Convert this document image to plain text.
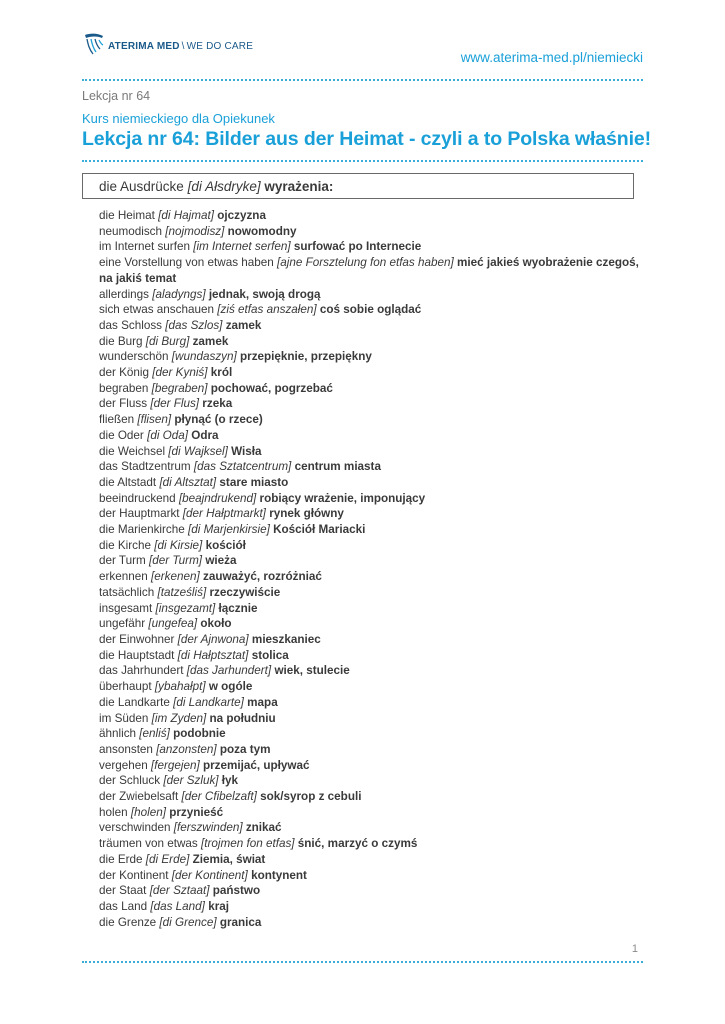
ATERIMA MED \ WE DO CARE
www.aterima-med.pl/niemiecki
Lekcja nr 64
Kurs niemieckiego dla Opiekunek
Lekcja nr 64: Bilder aus der Heimat - czyli a to Polska właśnie!
die Ausdrücke [di Ałsdryke] wyrażenia:
die Heimat [di Hajmat] ojczyzna
neumodisch [nojmodisz] nowomodny
im Internet surfen [im Internet serfen] surfować po Internecie
eine Vorstellung von etwas haben [ajne Forsztelung fon etfas haben] mieć jakieś wyobrażenie czegoś, na jakiś temat
allerdings [aladyngs] jednak, swoją drogą
sich etwas anschauen [ziś etfas anszałen] coś sobie oglądać
das Schloss [das Szlos] zamek
die Burg [di Burg] zamek
wunderschön [wundaszyn] przepięknie, przepiękny
der König [der Kyniś] król
begraben [begraben] pochować, pogrzebać
der Fluss [der Flus] rzeka
fließen [flisen] płynąć (o rzece)
die Oder [di Oda] Odra
die Weichsel [di Wajksel] Wisła
das Stadtzentrum [das Sztatcentrum] centrum miasta
die Altstadt [di Altsztat] stare miasto
beeindruckend [beajndrukend] robiący wrażenie, imponujący
der Hauptmarkt [der Hałptmarkt] rynek główny
die Marienkirche [di Marjenkirsie] Kościół Mariacki
die Kirche [di Kirsie] kościół
der Turm [der Turm] wieża
erkennen [erkenen] zauważyć, rozróżniać
tatsächlich [tatześliś] rzeczywiście
insgesamt [insgezamt] łącznie
ungefähr [ungefea] około
der Einwohner [der Ajnwona] mieszkaniec
die Hauptstadt [di Hałptsztat] stolica
das Jahrhundert [das Jarhundert] wiek, stulecie
überhaupt [ybahałpt] w ogóle
die Landkarte [di Landkarte] mapa
im Süden [im Zyden] na południu
ähnlich [enliś] podobnie
ansonsten [anzonsten] poza tym
vergehen [fergejen] przemijać, upływać
der Schluck [der Szluk] łyk
der Zwiebelsaft [der Cfibelzaft] sok/syrop z cebuli
holen [holen] przynieść
verschwinden [ferszwinden] znikać
träumen von etwas [trojmen fon etfas] śnić, marzyć o czymś
die Erde [di Erde] Ziemia, świat
der Kontinent [der Kontinent] kontynent
der Staat [der Sztaat] państwo
das Land [das Land] kraj
die Grenze [di Grence] granica
1
